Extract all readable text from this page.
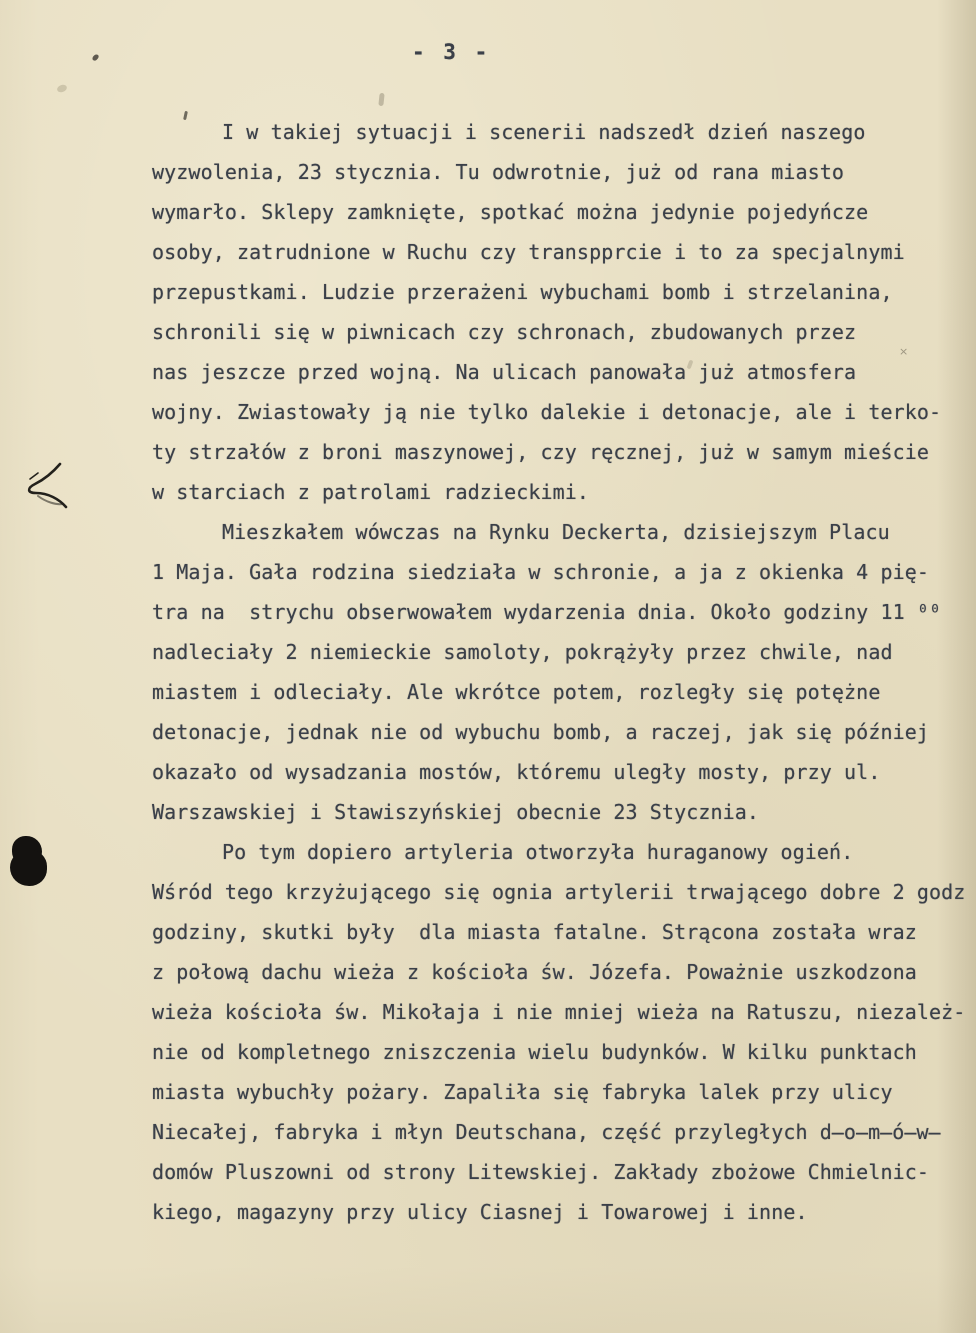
- 3 -
I w takiej sytuacji i scenerii nadszedł dzień naszego
wyzwolenia, 23 stycznia. Tu odwrotnie, już od rana miasto
wymarło. Sklepy zamknięte, spotkać można jedynie pojedyńcze
osoby, zatrudnione w Ruchu czy transpprcie i to za specjalnymi
przepustkami. Ludzie przerażeni wybuchami bomb i strzelanina,
schronili się w piwnicach czy schronach, zbudowanych przez
nas jeszcze przed wojną. Na ulicach panowała już atmosfera
wojny. Zwiastowały ją nie tylko dalekie i detonacje, ale i terko-
ty strzałów z broni maszynowej, czy ręcznej, już w samym mieście
w starciach z patrolami radzieckimi.
Mieszkałem wówczas na Rynku Deckerta, dzisiejszym Placu
1 Maja. Gała rodzina siedziała w schronie, a ja z okienka 4 pię-
tra na  strychu obserwowałem wydarzenia dnia. Około godziny 11 ⁰⁰
nadleciały 2 niemieckie samoloty, pokrążyły przez chwile, nad
miastem i odleciały. Ale wkrótce potem, rozległy się potężne
detonacje, jednak nie od wybuchu bomb, a raczej, jak się później
okazało od wysadzania mostów, któremu uległy mosty, przy ul.
Warszawskiej i Stawiszyńskiej obecnie 23 Stycznia.
Po tym dopiero artyleria otworzyła huraganowy ogień.
Wśród tego krzyżującego się ognia artylerii trwającego dobre 2 godz
godziny, skutki były  dla miasta fatalne. Strącona została wraz
z połową dachu wieża z kościoła św. Józefa. Poważnie uszkodzona
wieża kościoła św. Mikołaja i nie mniej wieża na Ratuszu, niezależ-
nie od kompletnego zniszczenia wielu budynków. W kilku punktach
miasta wybuchły pożary. Zapaliła się fabryka lalek przy ulicy
Niecałej, fabryka i młyn Deutschana, część przyległych d̶o̶m̶ó̶w̶
domów Pluszowni od strony Litewskiej. Zakłady zbożowe Chmielnic-
kiego, magazyny przy ulicy Ciasnej i Towarowej i inne.
×
